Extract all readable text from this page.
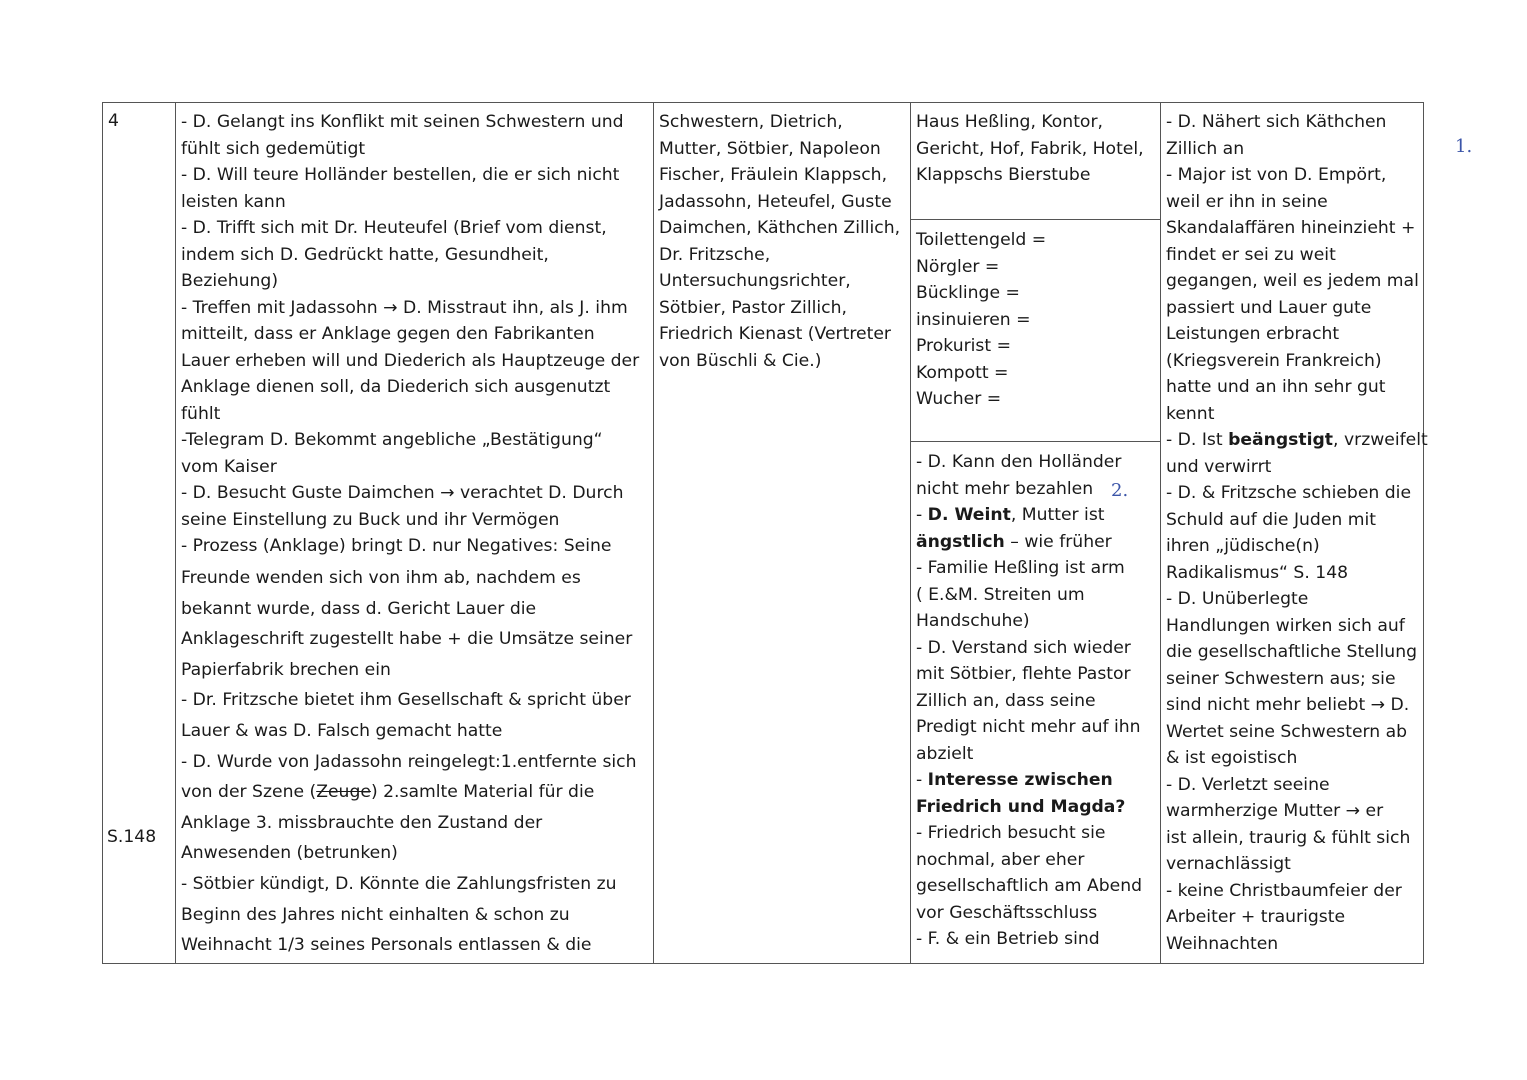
4
S.148
- D. Gelangt ins Konflikt mit seinen Schwestern und
fühlt sich gedemütigt
- D. Will teure Holländer bestellen, die er sich nicht
leisten kann
- D. Trifft sich mit Dr. Heuteufel (Brief vom dienst,
indem sich D. Gedrückt hatte, Gesundheit,
Beziehung)
- Treffen mit Jadassohn → D. Misstraut ihn, als J. ihm
mitteilt, dass er Anklage gegen den Fabrikanten
Lauer erheben will und Diederich als Hauptzeuge der
Anklage dienen soll, da Diederich sich ausgenutzt
fühlt
-Telegram D. Bekommt angebliche „Bestätigung“
vom Kaiser
- D. Besucht Guste Daimchen → verachtet D. Durch
seine Einstellung zu Buck und ihr Vermögen
- Prozess (Anklage) bringt D. nur Negatives: Seine
Freunde wenden sich von ihm ab, nachdem es
bekannt wurde, dass d. Gericht Lauer die
Anklageschrift zugestellt habe + die Umsätze seiner
Papierfabrik brechen ein
- Dr. Fritzsche bietet ihm Gesellschaft & spricht über
Lauer & was D. Falsch gemacht hatte
- D. Wurde von Jadassohn reingelegt:1.entfernte sich
von der Szene (Zeuge) 2.samlte Material für die
Anklage 3. missbrauchte den Zustand der
Anwesenden (betrunken)
- Sötbier kündigt, D. Könnte die Zahlungsfristen zu
Beginn des Jahres nicht einhalten & schon zu
Weihnacht 1/3 seines Personals entlassen & die
Schwestern, Dietrich,
Mutter, Sötbier, Napoleon
Fischer, Fräulein Klappsch,
Jadassohn, Heteufel, Guste
Daimchen, Käthchen Zillich,
Dr. Fritzsche,
Untersuchungsrichter,
Sötbier, Pastor Zillich,
Friedrich Kienast (Vertreter
von Büschli & Cie.)
Haus Heßling, Kontor,
Gericht, Hof, Fabrik, Hotel,
Klappschs Bierstube
Toilettengeld =
Nörgler =
Bücklinge =
insinuieren =
Prokurist =
Kompott =
Wucher =
- D. Kann den Holländer
nicht mehr bezahlen
- D. Weint, Mutter ist
ängstlich – wie früher
- Familie Heßling ist arm
( E.&M. Streiten um
Handschuhe)
- D. Verstand sich wieder
mit Sötbier, flehte Pastor
Zillich an, dass seine
Predigt nicht mehr auf ihn
abzielt
- Interesse zwischen
Friedrich und Magda?
- Friedrich besucht sie
nochmal, aber eher
gesellschaftlich am Abend
vor Geschäftsschluss
- F. & ein Betrieb sind
- D. Nähert sich Käthchen
Zillich an
- Major ist von D. Empört,
weil er ihn in seine
Skandalaffären hineinzieht +
findet er sei zu weit
gegangen, weil es jedem mal
passiert und Lauer gute
Leistungen erbracht
(Kriegsverein Frankreich)
hatte und an ihn sehr gut
kennt
- D. Ist beängstigt, vrzweifelt
und verwirrt
- D. & Fritzsche schieben die
Schuld auf die Juden mit
ihren „jüdische(n)
Radikalismus“ S. 148
- D. Unüberlegte
Handlungen wirken sich auf
die gesellschaftliche Stellung
seiner Schwestern aus; sie
sind nicht mehr beliebt → D.
Wertet seine Schwestern ab
& ist egoistisch
- D. Verletzt seeine
warmherzige Mutter → er
ist allein, traurig & fühlt sich
vernachlässigt
- keine Christbaumfeier der
Arbeiter + traurigste
Weihnachten
1.
2.
